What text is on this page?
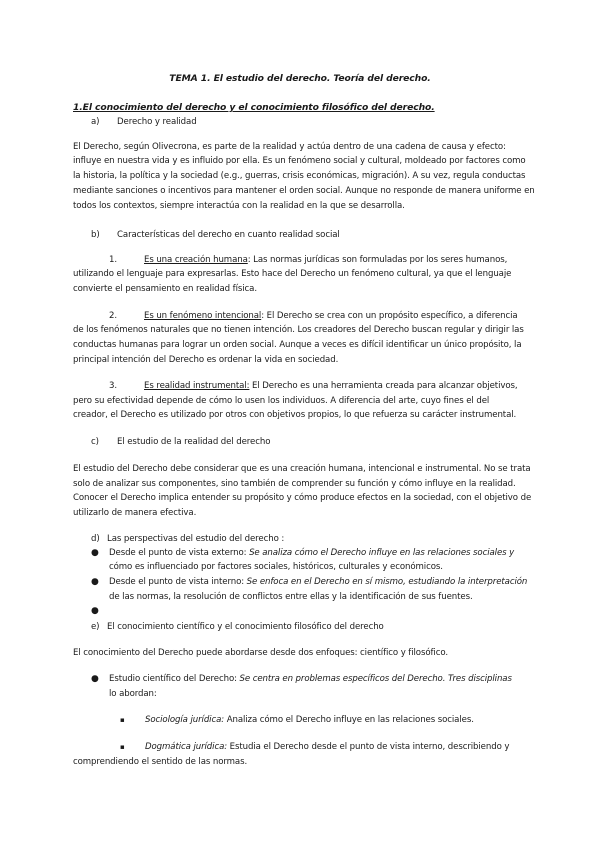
TEMA 1. El estudio del derecho. Teoría del derecho.
1.El conocimiento del derecho y el conocimiento filosófico del derecho.
a) Derecho y realidad
El Derecho, según Olivecrona, es parte de la realidad y actúa dentro de una cadena de causa y efecto:
influye en nuestra vida y es influido por ella. Es un fenómeno social y cultural, moldeado por factores como
la historia, la política y la sociedad (e.g., guerras, crisis económicas, migración). A su vez, regula conductas
mediante sanciones o incentivos para mantener el orden social. Aunque no responde de manera uniforme en
todos los contextos, siempre interactúa con la realidad en la que se desarrolla.
b) Características del derecho en cuanto realidad social
1.	Es una creación humana: Las normas jurídicas son formuladas por los seres humanos,
utilizando el lenguaje para expresarlas. Esto hace del Derecho un fenómeno cultural, ya que el lenguaje
convierte el pensamiento en realidad física.
2.	Es un fenómeno intencional: El Derecho se crea con un propósito específico, a diferencia
de los fenómenos naturales que no tienen intención. Los creadores del Derecho buscan regular y dirigir las
conductas humanas para lograr un orden social. Aunque a veces es difícil identificar un único propósito, la
principal intención del Derecho es ordenar la vida en sociedad.
3.	Es realidad instrumental: El Derecho es una herramienta creada para alcanzar objetivos,
pero su efectividad depende de cómo lo usen los individuos. A diferencia del arte, cuyo fines el del
creador, el Derecho es utilizado por otros con objetivos propios, lo que refuerza su carácter instrumental.
c) El estudio de la realidad del derecho
El estudio del Derecho debe considerar que es una creación humana, intencional e instrumental. No se trata
solo de analizar sus componentes, sino también de comprender su función y cómo influye en la realidad.
Conocer el Derecho implica entender su propósito y cómo produce efectos en la sociedad, con el objetivo de
utilizarlo de manera efectiva.
d) Las perspectivas del estudio del derecho :
● Desde el punto de vista externo: Se analiza cómo el Derecho influye en las relaciones sociales y
cómo es influenciado por factores sociales, históricos, culturales y económicos.
● Desde el punto de vista interno: Se enfoca en el Derecho en sí mismo, estudiando la interpretación
de las normas, la resolución de conflictos entre ellas y la identificación de sus fuentes.
●
e) El conocimiento científico y el conocimiento filosófico del derecho
El conocimiento del Derecho puede abordarse desde dos enfoques: científico y filosófico.
● Estudio científico del Derecho: Se centra en problemas específicos del Derecho. Tres disciplinas
lo abordan:
▪ Sociología jurídica: Analiza cómo el Derecho influye en las relaciones sociales.
▪ Dogmática jurídica: Estudia el Derecho desde el punto de vista interno, describiendo y
comprendiendo el sentido de las normas.
